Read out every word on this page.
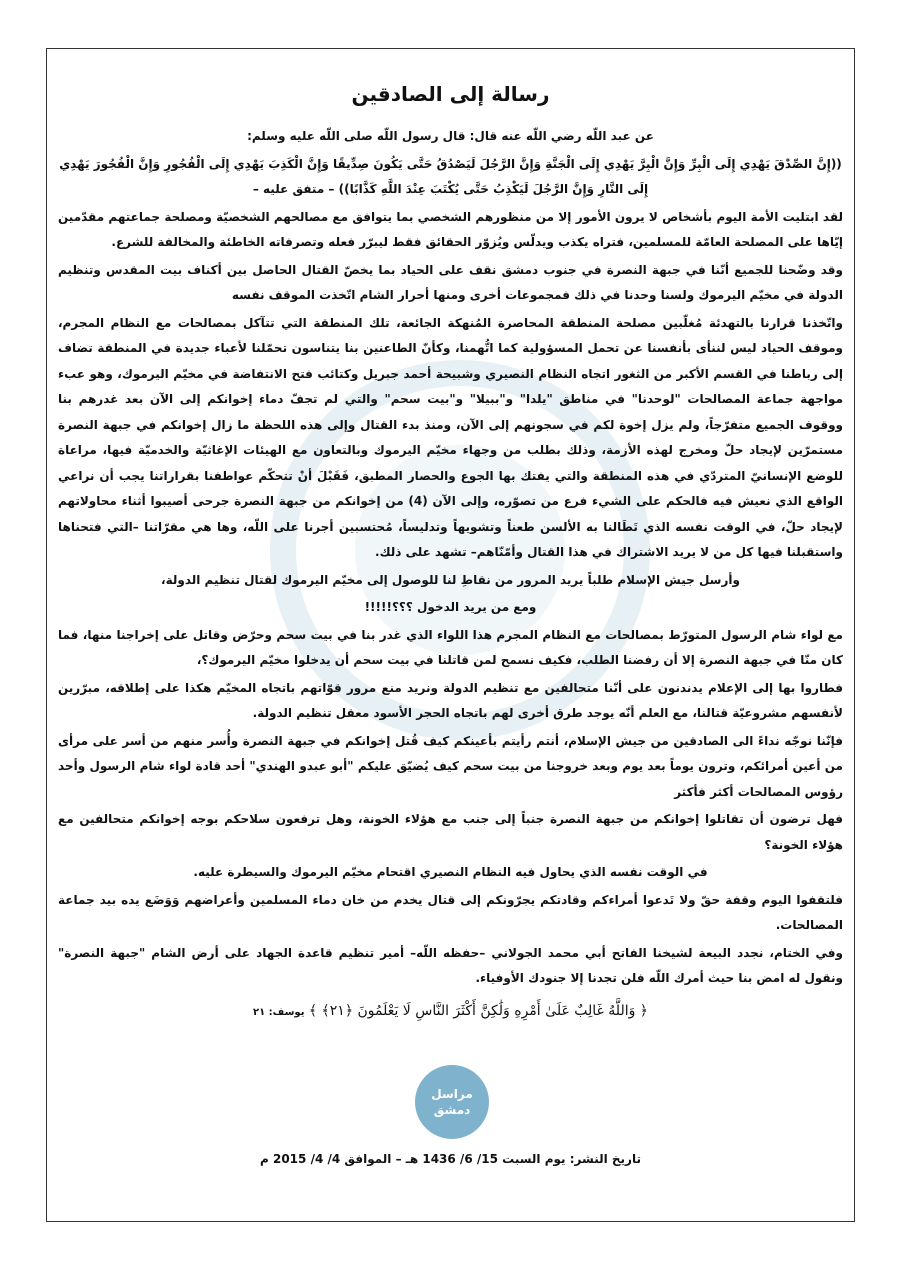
رسالة إلى الصادقين
عن عبد اللّه رضي اللّه عنه قال: قال رسول اللّه صلى اللّه عليه وسلم:
((إِنَّ الصِّدْقَ يَهْدِي إِلَى الْبِرِّ وَإِنَّ الْبِرَّ يَهْدِي إِلَى الْجَنَّةِ وَإِنَّ الرَّجُلَ لَيَصْدُقُ حَتَّى يَكُونَ صِدِّيقًا وَإِنَّ الْكَذِبَ يَهْدِي إِلَى الْفُجُورِ وَإِنَّ الْفُجُورَ يَهْدِي إِلَى النَّارِ وَإِنَّ الرَّجُلَ لَيَكْذِبُ حَتَّى يُكْتَبَ عِنْدَ اللَّهِ كَذَّابًا)) – متفق عليه –
لقد ابتليت الأمة اليوم بأشخاص لا يرون الأمور إلا من منظورهم الشخصي بما يتوافق مع مصالحهم الشخصيّة ومصلحة جماعتهم مقدّمين إيّاها على المصلحة العامّة للمسلمين، فتراه يكذب ويدلّس ويُزوّر الحقائق فقط ليبرّر فعله وتصرفاته الخاطئة والمخالفة للشرع.
وقد وضّحنا للجميع أنّنا في جبهة النصرة في جنوب دمشق نقف على الحياد بما يخصّ القتال الحاصل بين أكناف بيت المقدس وتنظيم الدولة في مخيّم اليرموك ولسنا وحدنا في ذلك فمجموعات أخرى ومنها أحرار الشام اتّخذت الموقف نفسه
واتّخذنا قرارنا بالتهدئة مُغلّبين مصلحة المنطقة المحاصرة المُنهكة الجائعة، تلك المنطقة التي تتآكل بمصالحات مع النظام المجرم، وموقف الحياد ليس لننأى بأنفسنا عن تحمل المسؤولية كما اتُّهمنا، وكأنّ الطاعنين بنا يتناسون تحمّلنا لأعباء جديدة في المنطقة تضاف إلى رباطنا في القسم الأكبر من الثغور اتجاه النظام النصيري وشبيحة أحمد جبريل وكتائب فتح الانتفاضة في مخيّم اليرموك، وهو عبء مواجهة جماعة المصالحات "لوحدنا" في مناطق "يلدا" و"ببيلا" و"بيت سحم" والتي لم تجفّ دماء إخوانكم إلى الآن بعد غدرهم بنا ووقوف الجميع متفرّجاً، ولم يزل إخوة لكم في سجونهم إلى الآن، ومنذ بدء القتال وإلى هذه اللحظة ما زال إخوانكم في جبهة النصرة مستمرّين لإيجاد حلّ ومخرج لهذه الأزمة، وذلك بطلب من وجهاء مخيّم اليرموك وبالتعاون مع الهيئات الإغاثيّة والخدميّة فيها، مراعاة للوضع الإنسانيّ المتردّي في هذه المنطقة والتي يفتك بها الجوع والحصار المطبق، فَقَبْلَ أنْ تتحكّم عواطفنا بقراراتنا يجب أن نراعي الواقع الذي نعيش فيه فالحكم على الشيء فرع من تصوّره، وإلى الآن (4) من إخوانكم من جبهة النصرة جرحى أصيبوا أثناء محاولاتهم لإيجاد حلّ، في الوقت نفسه الذي تَطَالنا به الألسن طعناً وتشويهاً وتدليساً، مُحتسبين أجرنا على اللّه، وها هي مقرّاتنا –التي فتحناها واستقبلنا فيها كل من لا يريد الاشتراك في هذا القتال وأمّنّاهم– تشهد على ذلك.
وأرسل جيش الإسلام طلباً يريد المرور من نقاطِ لنا للوصول إلى مخيّم اليرموك لقتال تنظيم الدولة،
ومع من يريد الدخول ؟؟؟!!!!!
مع لواء شام الرسول المتورّط بمصالحات مع النظام المجرم هذا اللواء الذي غدر بنا في بيت سحم وحرّض وقاتل على إخراجنا منها، فما كان منّا في جبهة النصرة إلا أن رفضنا الطلب، فكيف نسمح لمن قاتلنا في بيت سحم أن يدخلوا مخيّم اليرموك؟،
فطاروا بها إلى الإعلام يدندنون على أنّنا متحالفين مع تنظيم الدولة ونريد منع مرور قوّاتهم باتجاه المخيّم هكذا على إطلاقه، مبرّرين لأنفسهم مشروعيّة قتالنا، مع العلم أنّه يوجد طرق أخرى لهم باتجاه الحجر الأسود معقل تنظيم الدولة.
فإنّنا نوجّه نداءً الى الصادقين من جيش الإسلام، أنتم رأيتم بأعينكم كيف قُتل إخوانكم في جبهة النصرة وأُسر منهم من أسر على مرأى من أعين أمرائكم، وترون يوماً بعد يوم وبعد خروجنا من بيت سحم كيف يُضيّق عليكم "أبو عبدو الهندي" أحد قادة لواء شام الرسول وأحد رؤوس المصالحات أكثر فأكثر
فهل ترضون أن تقاتلوا إخوانكم من جبهة النصرة جنباً إلى جنب مع هؤلاء الخونة، وهل ترفعون سلاحكم بوجه إخوانكم متحالفين مع هؤلاء الخونة؟
في الوقت نفسه الذي يحاول فيه النظام النصيري اقتحام مخيّم اليرموك والسيطرة عليه.
فلتقفوا اليوم وقفة حقّ ولا تَدعوا أمراءكم وقادتكم يجرّونكم إلى قتال يخدم من خان دماء المسلمين وأعراضهم وَوَضَع يده بيد جماعة المصالحات.
وفي الختام، نجدد البيعة لشيخنا الفاتح أبي محمد الجولاني –حفظه اللّه– أمير تنظيم قاعدة الجهاد على أرض الشام "جبهة النصرة" ونقول له امض بنا حيث أمرك اللّه فلن تجدنا إلا جنودك الأوفياء.
﴿ وَاللَّهُ غَالِبٌ عَلَىٰ أَمْرِهِ وَلَٰكِنَّ أَكْثَرَ النَّاسِ لَا يَعْلَمُونَ ﴿٢١﴾ ﴾ يوسف: ٢١
مراسل
دمشق
تاريخ النشر: يوم السبت 15/ 6/ 1436 هـ – الموافق 4/ 4/ 2015 م
